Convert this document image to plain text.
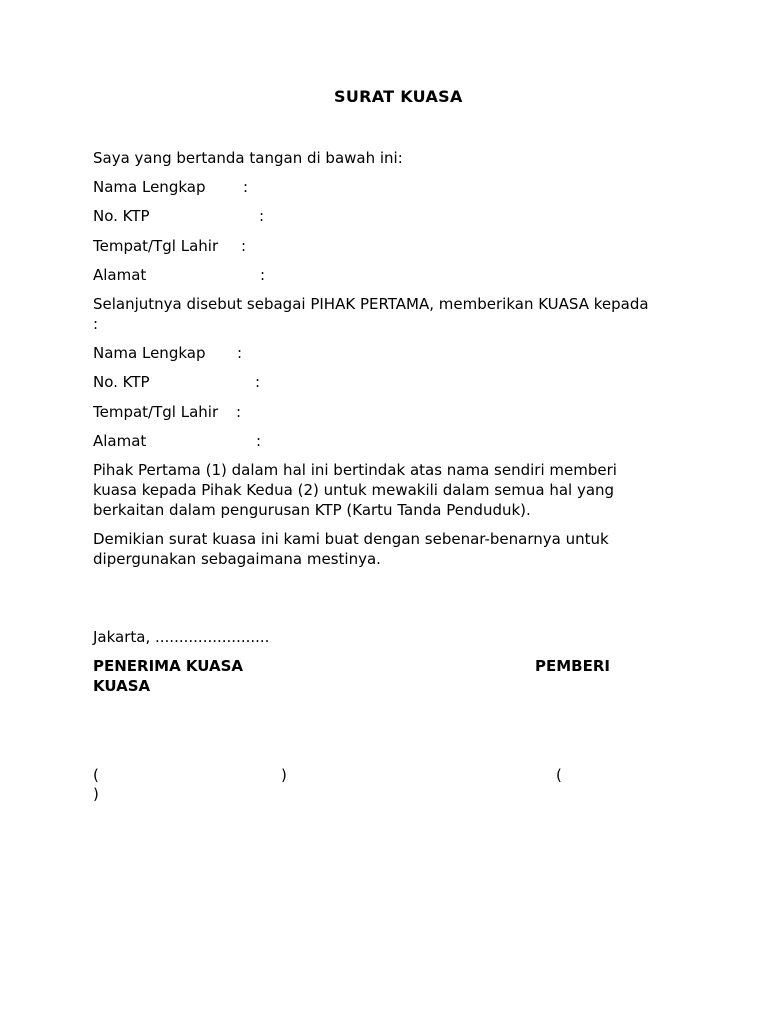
SURAT KUASA
Saya yang bertanda tangan di bawah ini:
Nama Lengkap	:
No. KTP	:
Tempat/Tgl Lahir :
Alamat	:

Selanjutnya disebut sebagai PIHAK PERTAMA, memberikan KUASA kepada :

Nama Lengkap :
No. KTP	:
Tempat/Tgl Lahir :
Alamat	:

Pihak Pertama (1) dalam hal ini bertindak atas nama sendiri memberi kuasa kepada Pihak Kedua (2) untuk mewakili dalam semua hal yang berkaitan dalam pengurusan KTP (Kartu Tanda Penduduk).

Demikian surat kuasa ini kami buat dengan sebenar-benarnya untuk dipergunakan sebagaimana mestinya.

Jakarta, ........................
PENERIMA KUASA	PEMBERI
KUASA
(	)	(
)
